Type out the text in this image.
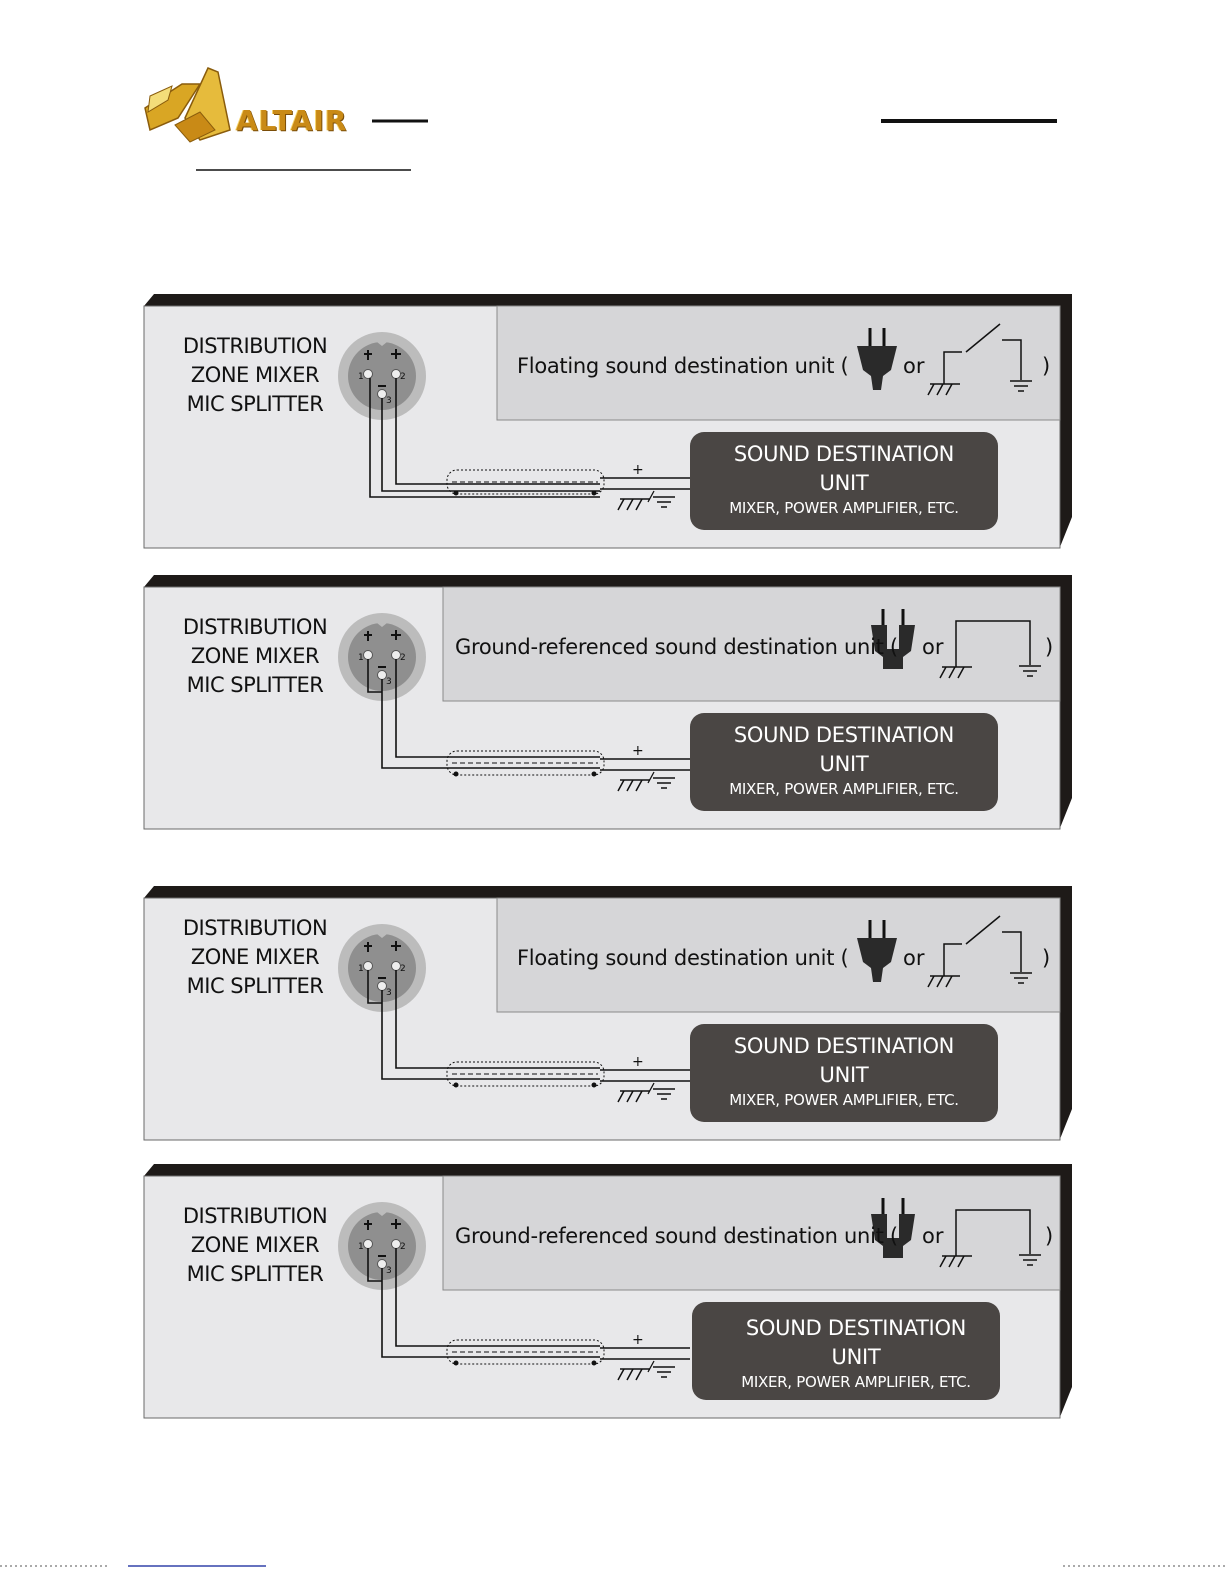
ALTAIR
1	2
3
+
DISTRIBUTION
ZONE MIXER
MIC SPLITTER
Floating sound destination unit (	or	)
SOUND DESTINATION
UNIT
MIXER, POWER AMPLIFIER, ETC.
1	2
3
+
DISTRIBUTION
ZONE MIXER
MIC SPLITTER
Ground-referenced sound destination unit ( or	)
SOUND DESTINATION
UNIT
MIXER, POWER AMPLIFIER, ETC.
1	2
3
+
DISTRIBUTION
ZONE MIXER
MIC SPLITTER
Floating sound destination unit (	or	)
SOUND DESTINATION
UNIT
MIXER, POWER AMPLIFIER, ETC.
1	2
3
+
DISTRIBUTION
ZONE MIXER
MIC SPLITTER
Ground-referenced sound destination unit ( or	)
SOUND DESTINATION
UNIT
MIXER, POWER AMPLIFIER, ETC.
